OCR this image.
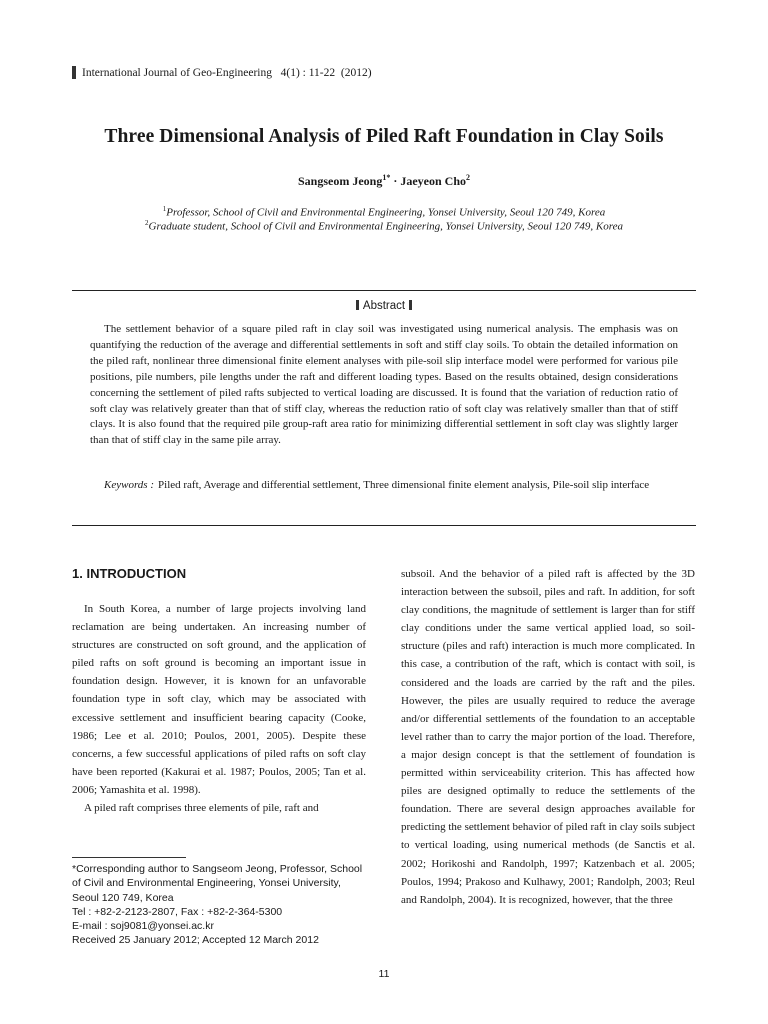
International Journal of Geo-Engineering   4(1) : 11-22  (2012)
Three Dimensional Analysis of Piled Raft Foundation in Clay Soils
Sangseom Jeong$^{1*}$ · Jaeyeon Cho$^2$
$^1$Professor, School of Civil and Environmental Engineering, Yonsei University, Seoul 120 749, Korea
$^2$Graduate student, School of Civil and Environmental Engineering, Yonsei University, Seoul 120 749, Korea
Abstract

The settlement behavior of a square piled raft in clay soil was investigated using numerical analysis. The emphasis was on quantifying the reduction of the average and differential settlements in soft and stiff clay soils. To obtain the detailed information on the piled raft, nonlinear three dimensional finite element analyses with pile-soil slip interface model were performed for various pile positions, pile numbers, pile lengths under the raft and different loading types. Based on the results obtained, design considerations concerning the settlement of piled rafts subjected to vertical loading are discussed. It is found that the variation of reduction ratio of soft clay was relatively greater than that of stiff clay, whereas the reduction ratio of soft clay was relatively smaller than that of stiff clays. It is also found that the required pile group-raft area ratio for minimizing differential settlement in soft clay was slightly larger than that of stiff clay in the same pile array.

Keywords : Piled raft, Average and differential settlement, Three dimensional finite element analysis, Pile-soil slip interface
1. INTRODUCTION

In South Korea, a number of large projects involving land reclamation are being undertaken. An increasing number of structures are constructed on soft ground, and the application of piled rafts on soft ground is becoming an important issue in foundation design. However, it is known for an unfavorable foundation type in soft clay, which may be associated with excessive settlement and insufficient bearing capacity (Cooke, 1986; Lee et al. 2010; Poulos, 2001, 2005). Despite these concerns, a few successful applications of piled rafts on soft clay have been reported (Kakurai et al. 1987; Poulos, 2005; Tan et al. 2006; Yamashita et al. 1998).

A piled raft comprises three elements of pile, raft and

subsoil. And the behavior of a piled raft is affected by the 3D interaction between the subsoil, piles and raft. In addition, for soft clay conditions, the magnitude of settlement is larger than for stiff clay conditions under the same vertical applied load, so soil-structure (piles and raft) interaction is much more complicated. In this case, a contribution of the raft, which is contact with soil, is considered and the loads are carried by the raft and the piles. However, the piles are usually required to reduce the average and/or differential settlements of the foundation to an acceptable level rather than to carry the major portion of the load. Therefore, a major design concept is that the settlement of foundation is permitted within serviceability criterion. This has affected how piles are designed optimally to reduce the settlements of the foundation. There are several design approaches available for predicting the settlement behavior of piled raft in clay soils subject to vertical loading, using numerical methods (de Sanctis et al. 2002; Horikoshi and Randolph, 1997; Katzenbach et al. 2005; Poulos, 1994; Prakoso and Kulhawy, 2001; Randolph, 2003; Reul and Randolph, 2004). It is recognized, however, that the three

*Corresponding author to Sangseom Jeong, Professor, School
of Civil and Environmental Engineering, Yonsei University,
Seoul 120 749, Korea
Tel : +82-2-2123-2807, Fax : +82-2-364-5300
E-mail : soj9081@yonsei.ac.kr
Received 25 January 2012; Accepted 12 March 2012
11
